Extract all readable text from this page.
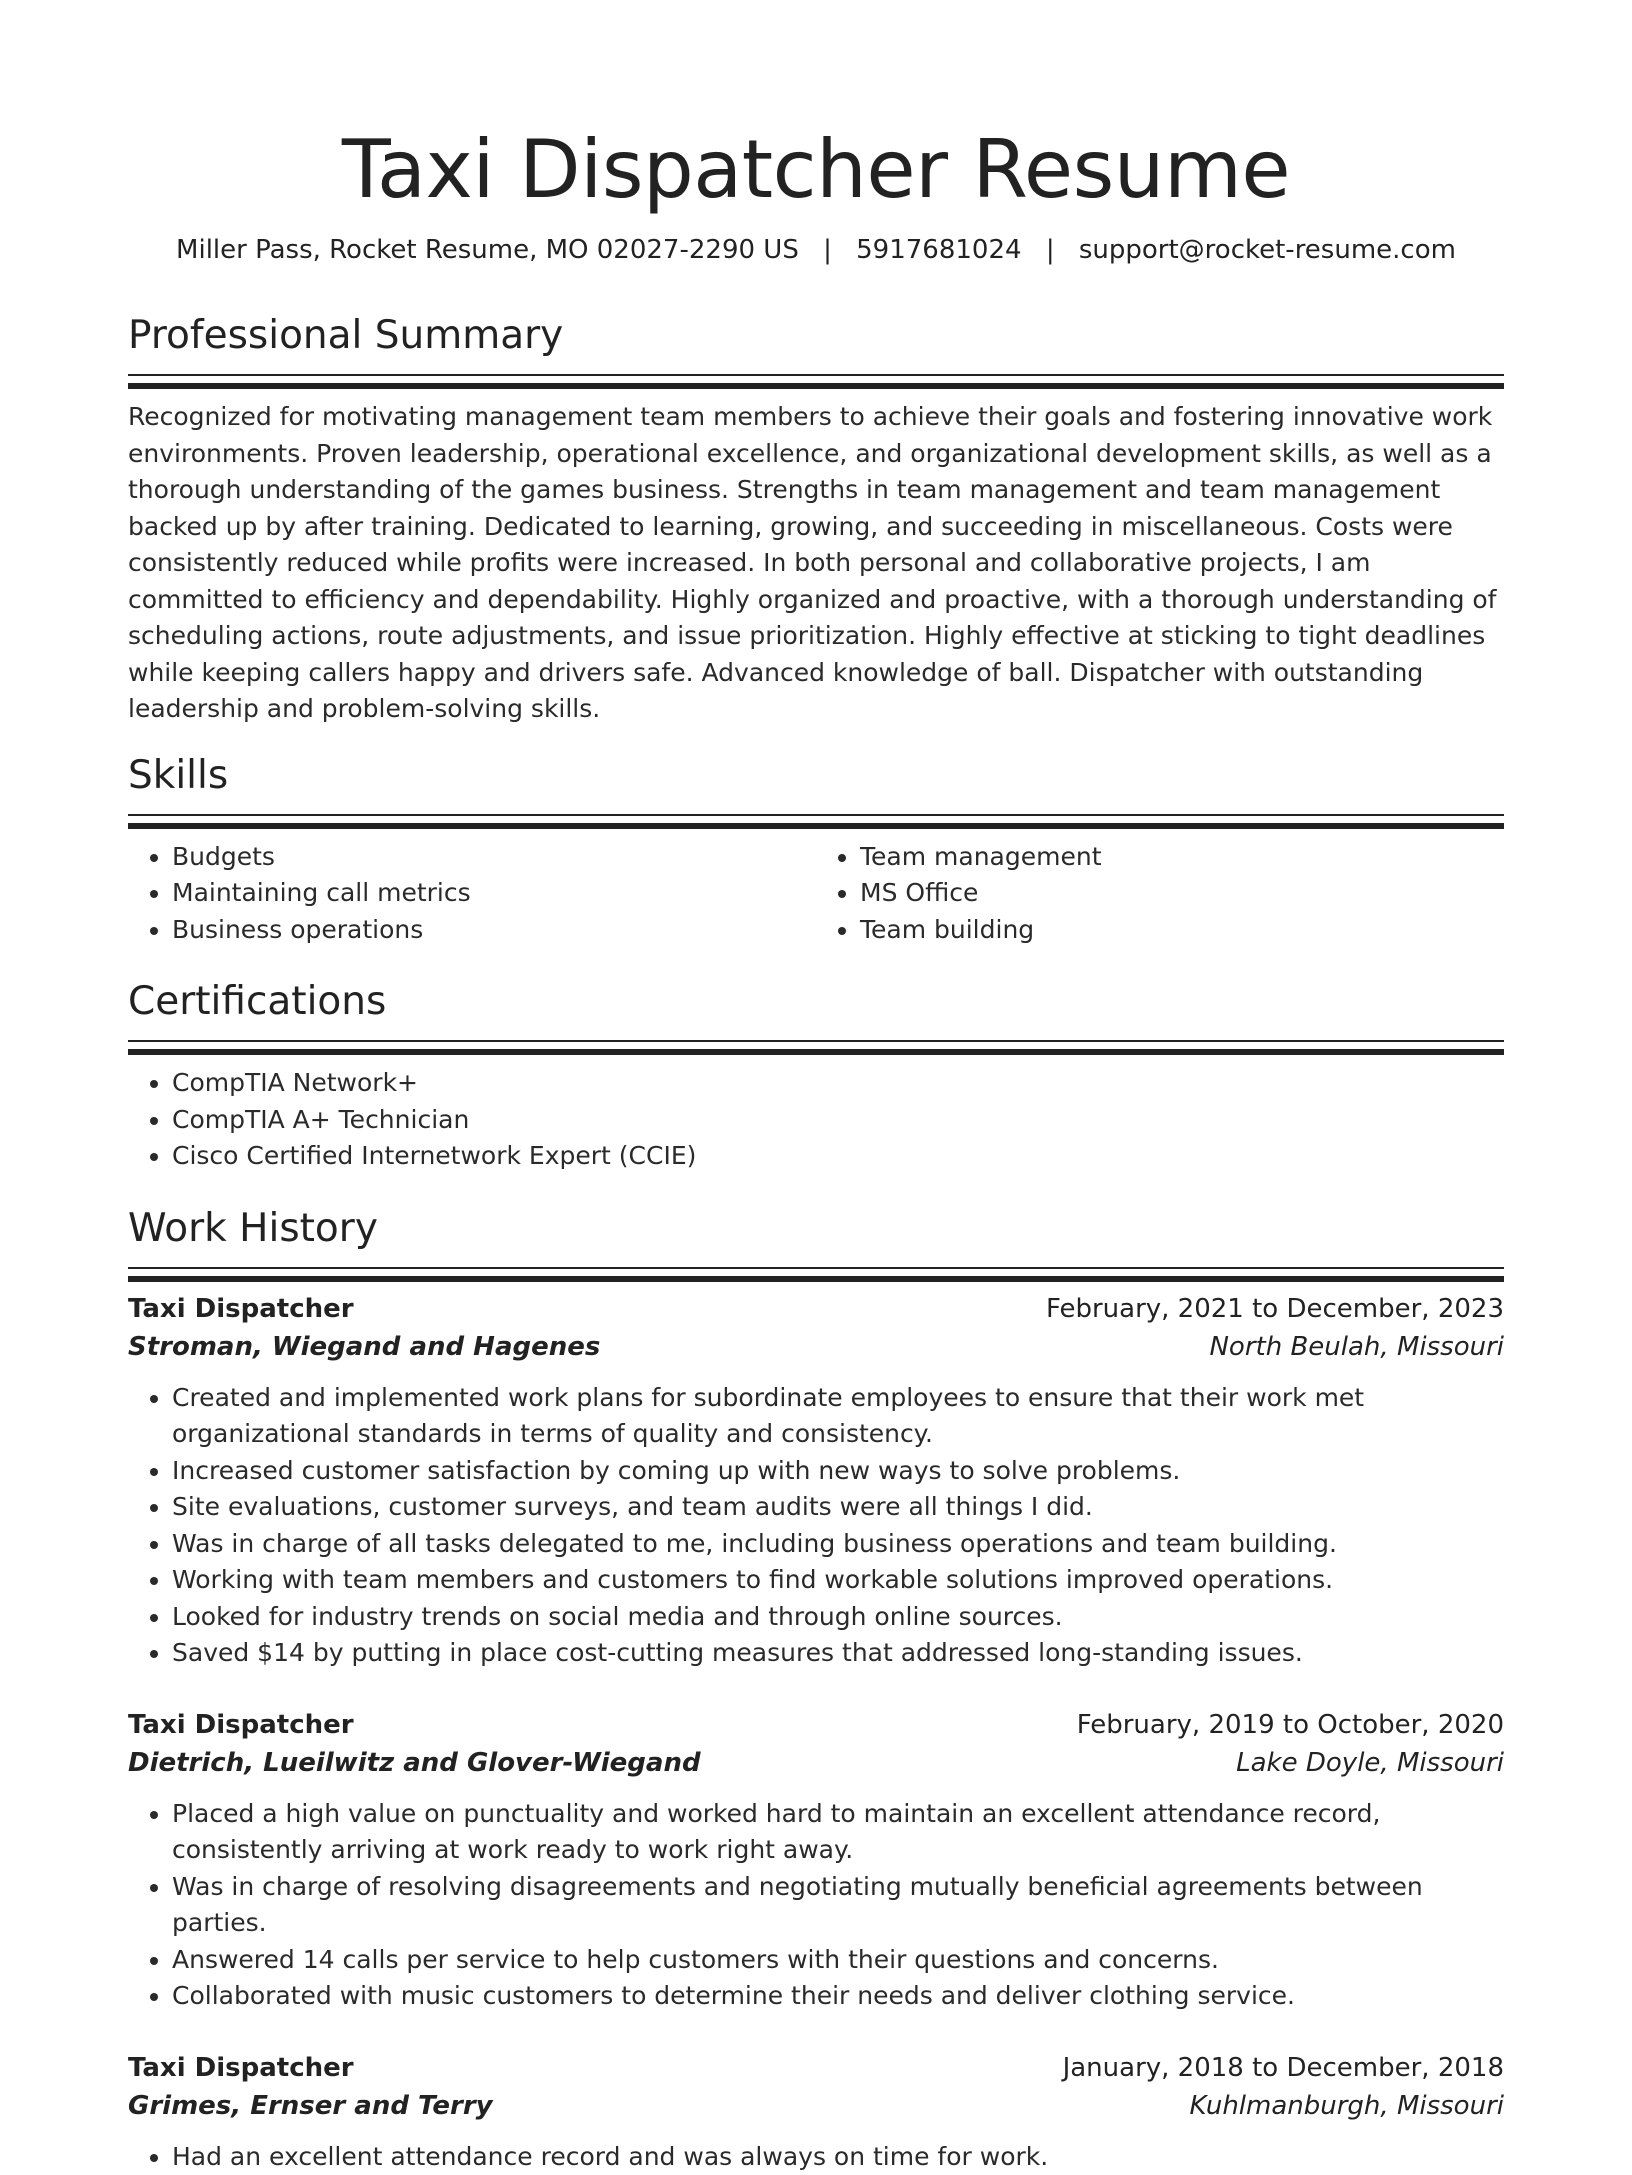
Taxi Dispatcher Resume
Miller Pass, Rocket Resume, MO 02027-2290 US | 5917681024 | support@rocket-resume.com
Professional Summary

Recognized for motivating management team members to achieve their goals and fostering innovative work environments. Proven leadership, operational excellence, and organizational development skills, as well as a thorough understanding of the games business. Strengths in team management and team management backed up by after training. Dedicated to learning, growing, and succeeding in miscellaneous. Costs were consistently reduced while profits were increased. In both personal and collaborative projects, I am committed to efficiency and dependability. Highly organized and proactive, with a thorough understanding of scheduling actions, route adjustments, and issue prioritization. Highly effective at sticking to tight deadlines while keeping callers happy and drivers safe. Advanced knowledge of ball. Dispatcher with outstanding leadership and problem-solving skills.

Skills
• Budgets
• Maintaining call metrics
• Business operations
• Team management
• MS Office
• Team building
Certifications
• CompTIA Network+
• CompTIA A+ Technician
• Cisco Certified Internetwork Expert (CCIE)
Work History
Taxi Dispatcher	February, 2021 to December, 2023
Stroman, Wiegand and Hagenes	North Beulah, Missouri
• Created and implemented work plans for subordinate employees to ensure that their work met organizational standards in terms of quality and consistency.
• Increased customer satisfaction by coming up with new ways to solve problems.
• Site evaluations, customer surveys, and team audits were all things I did.
• Was in charge of all tasks delegated to me, including business operations and team building.
• Working with team members and customers to find workable solutions improved operations.
• Looked for industry trends on social media and through online sources.
• Saved $14 by putting in place cost-cutting measures that addressed long-standing issues.
Taxi Dispatcher	February, 2019 to October, 2020
Dietrich, Lueilwitz and Glover-Wiegand	Lake Doyle, Missouri
• Placed a high value on punctuality and worked hard to maintain an excellent attendance record, consistently arriving at work ready to work right away.
• Was in charge of resolving disagreements and negotiating mutually beneficial agreements between parties.
• Answered 14 calls per service to help customers with their questions and concerns.
• Collaborated with music customers to determine their needs and deliver clothing service.
Taxi Dispatcher	January, 2018 to December, 2018
Grimes, Ernser and Terry	Kuhlmanburgh, Missouri
• Had an excellent attendance record and was always on time for work.
